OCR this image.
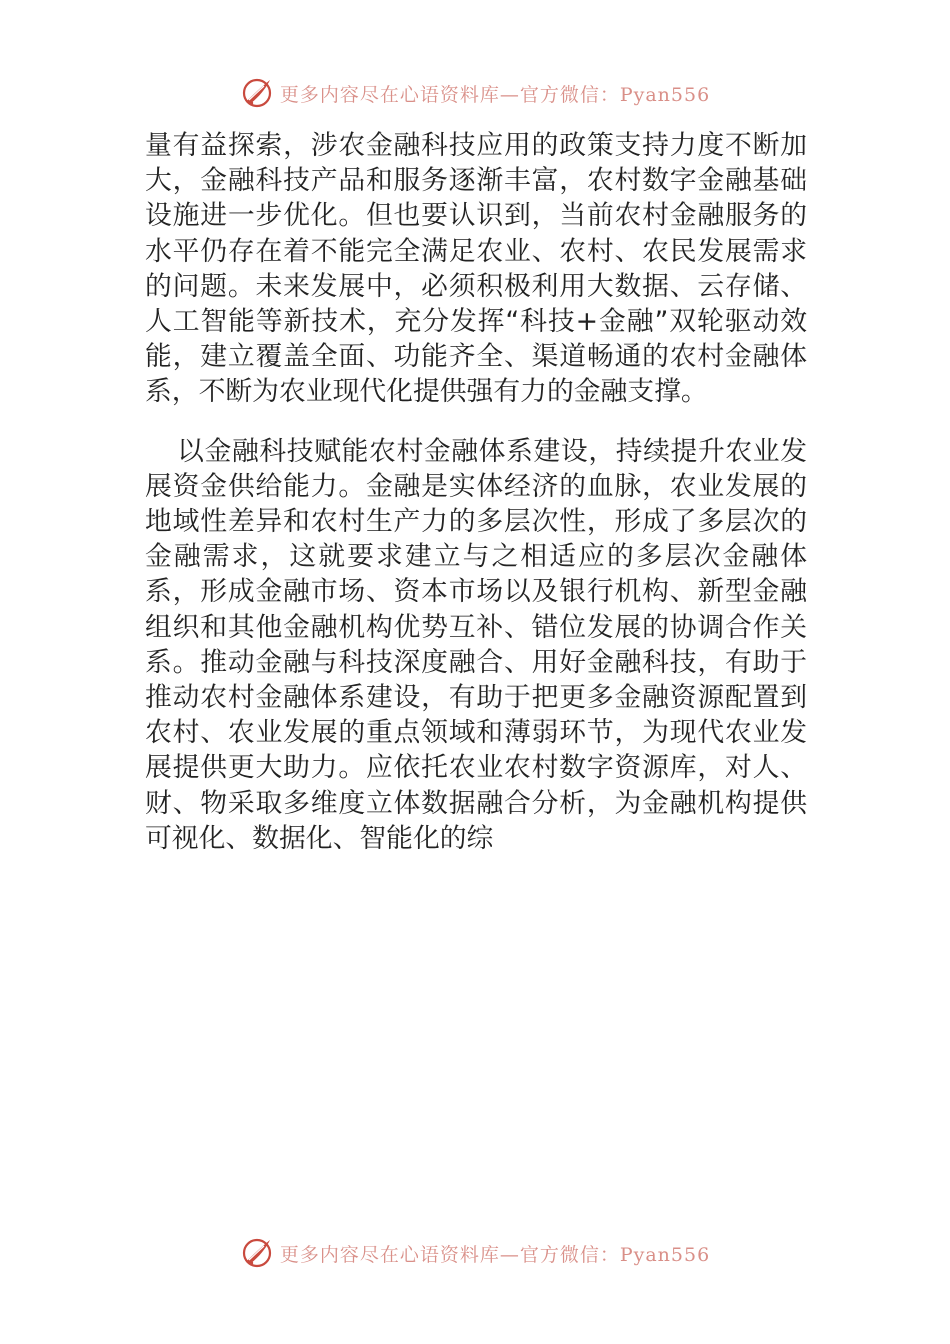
更多内容尽在心语资料库—官方微信：Pyan556

量有益探索，涉农金融科技应用的政策支持力度不断加大，金融科技产品和服务逐渐丰富，农村数字金融基础设施进一步优化。但也要认识到，当前农村金融服务的水平仍存在着不能完全满足农业、农村、农民发展需求的问题。未来发展中，必须积极利用大数据、云存储、人工智能等新技术，充分发挥“科技+金融”双轮驱动效能，建立覆盖全面、功能齐全、渠道畅通的农村金融体系，不断为农业现代化提供强有力的金融支撑。

以金融科技赋能农村金融体系建设，持续提升农业发展资金供给能力。金融是实体经济的血脉，农业发展的地域性差异和农村生产力的多层次性，形成了多层次的金融需求，这就要求建立与之相适应的多层次金融体系，形成金融市场、资本市场以及银行机构、新型金融组织和其他金融机构优势互补、错位发展的协调合作关系。推动金融与科技深度融合、用好金融科技，有助于推动农村金融体系建设，有助于把更多金融资源配置到农村、农业发展的重点领域和薄弱环节，为现代农业发展提供更大助力。应依托农业农村数字资源库，对人、财、物采取多维度立体数据融合分析，为金融机构提供可视化、数据化、智能化的综

更多内容尽在心语资料库—官方微信：Pyan556
